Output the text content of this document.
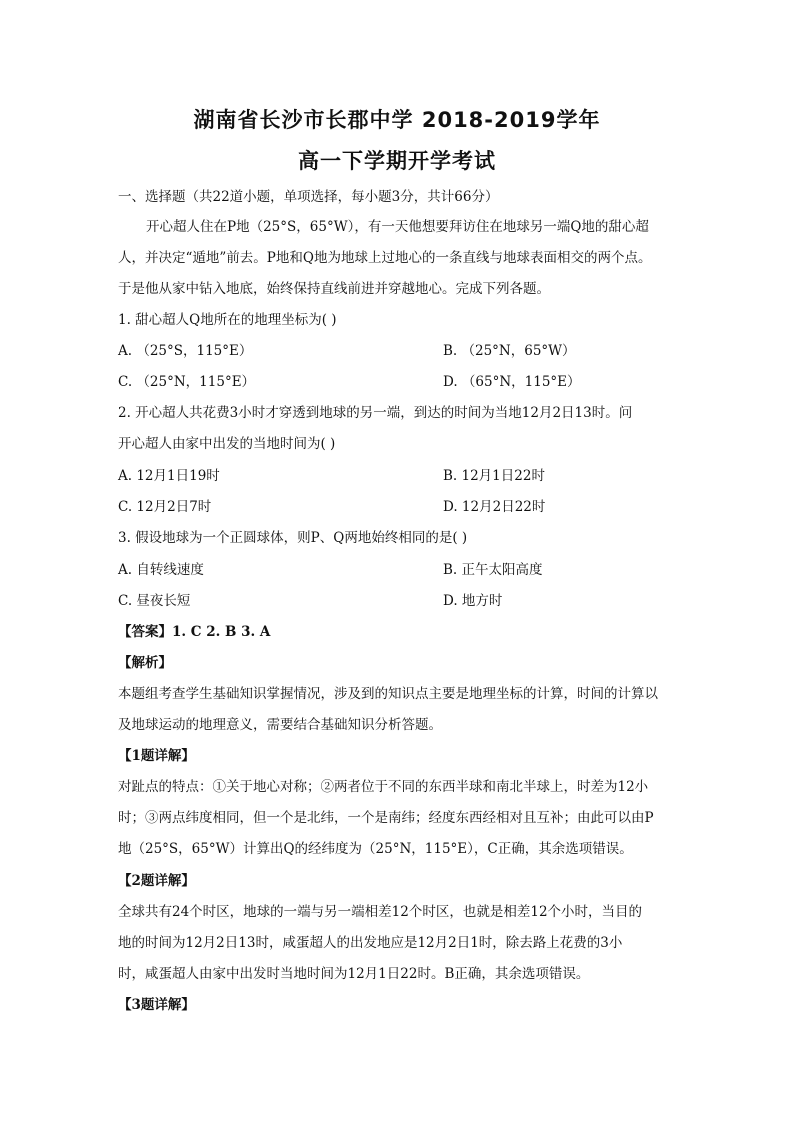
湖南省长沙市长郡中学 2018-2019学年
高一下学期开学考试
一、选择题（共22道小题，单项选择，每小题3分，共计66分）
开心超人住在P地（25°S，65°W），有一天他想要拜访住在地球另一端Q地的甜心超
人，并决定“遁地”前去。P地和Q地为地球上过地心的一条直线与地球表面相交的两个点。
于是他从家中钻入地底，始终保持直线前进并穿越地心。完成下列各题。
1. 甜心超人Q地所在的地理坐标为( )
A. （25°S，115°E）	B. （25°N，65°W）
C. （25°N，115°E）	D. （65°N，115°E）
2. 开心超人共花费3小时才穿透到地球的另一端，到达的时间为当地12月2日13时。问
开心超人由家中出发的当地时间为( )
A. 12月1日19时	B. 12月1日22时
C. 12月2日7时	D. 12月2日22时
3. 假设地球为一个正圆球体，则P、Q两地始终相同的是( )
A. 自转线速度	B. 正午太阳高度
C. 昼夜长短	D. 地方时
【答案】1. C 2. B 3. A
【解析】
本题组考查学生基础知识掌握情况，涉及到的知识点主要是地理坐标的计算，时间的计算以
及地球运动的地理意义，需要结合基础知识分析答题。
【1题详解】
对趾点的特点：①关于地心对称；②两者位于不同的东西半球和南北半球上，时差为12小
时；③两点纬度相同，但一个是北纬，一个是南纬；经度东西经相对且互补；由此可以由P
地（25°S，65°W）计算出Q的经纬度为（25°N，115°E），C正确，其余选项错误。
【2题详解】
全球共有24个时区，地球的一端与另一端相差12个时区，也就是相差12个小时，当目的
地的时间为12月2日13时，咸蛋超人的出发地应是12月2日1时，除去路上花费的3小
时，咸蛋超人由家中出发时当地时间为12月1日22时。B正确，其余选项错误。
【3题详解】
